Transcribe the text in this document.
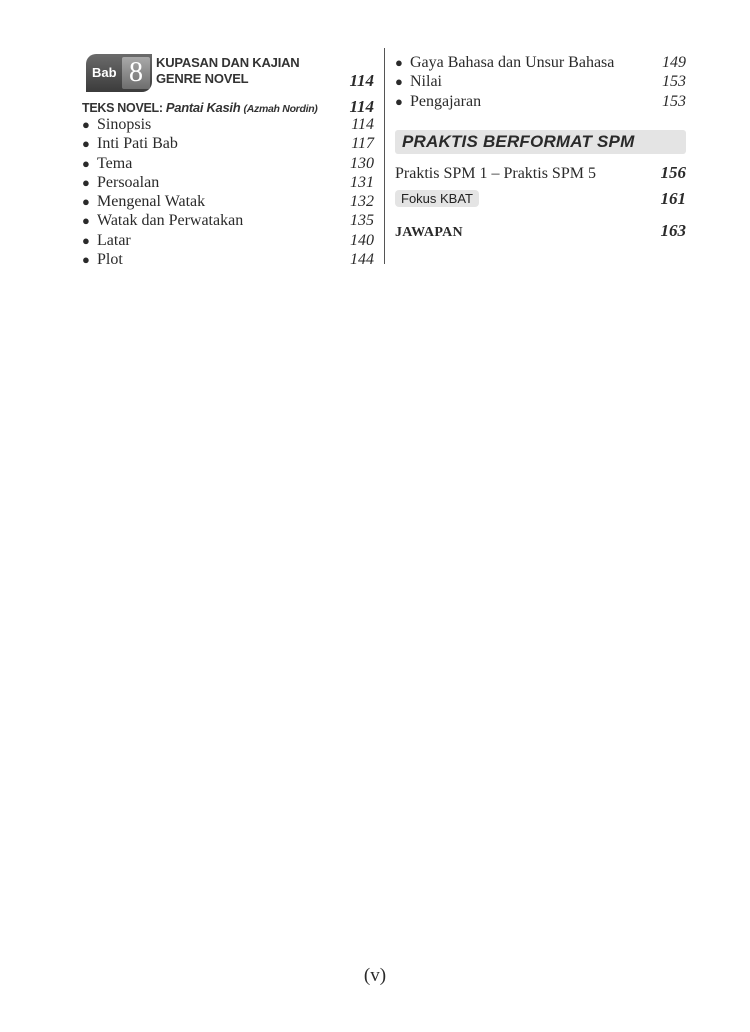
Bab 8	KUPASAN DAN KAJIAN GENRE NOVEL	114
TEKS NOVEL: Pantai Kasih (Azmah Nordin) 114
● Sinopsis	114
● Inti Pati Bab	117
● Tema	130
● Persoalan	131
● Mengenal Watak	132
● Watak dan Perwatakan	135
● Latar	140
● Plot	144
● Gaya Bahasa dan Unsur Bahasa	149
● Nilai	153
● Pengajaran	153
PRAKTIS BERFORMAT SPM
Praktis SPM 1 – Praktis SPM 5	156
Fokus KBAT	161
JAWAPAN	163
(v)
